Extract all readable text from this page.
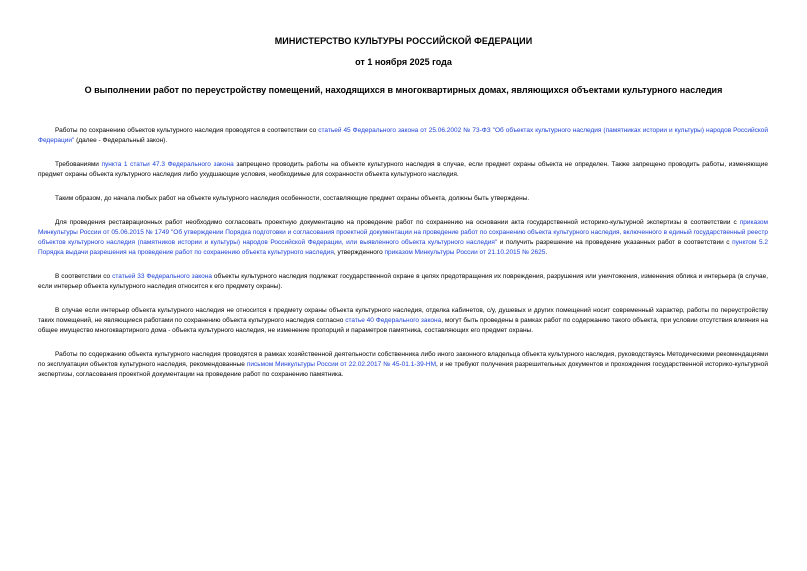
МИНИСТЕРСТВО КУЛЬТУРЫ РОССИЙСКОЙ ФЕДЕРАЦИИ
от 1 ноября 2025 года
О выполнении работ по переустройству помещений, находящихся в многоквартирных домах, являющихся объектами культурного наследия

Работы по сохранению объектов культурного наследия проводятся в соответствии со статьей 45 Федерального закона от 25.06.2002 № 73-ФЗ "Об объектах культурного наследия (памятниках истории и культуры) народов Российской Федерации" (далее - Федеральный закон).

Требованиями пункта 1 статьи 47.3 Федерального закона запрещено проводить работы на объекте культурного наследия в случае, если предмет охраны объекта не определен. Также запрещено проводить работы, изменяющие предмет охраны объекта культурного наследия либо ухудшающие условия, необходимые для сохранности объекта культурного наследия.

Таким образом, до начала любых работ на объекте культурного наследия особенности, составляющие предмет охраны объекта, должны быть утверждены.

Для проведения реставрационных работ необходимо согласовать проектную документацию на проведение работ по сохранению на основании акта государственной историко-культурной экспертизы в соответствии с приказом Минкультуры России от 05.06.2015 № 1749 "Об утверждении Порядка подготовки и согласования проектной документации на проведение работ по сохранению объекта культурного наследия, включенного в единый государственный реестр объектов культурного наследия (памятников истории и культуры) народов Российской Федерации, или выявленного объекта культурного наследия" и получить разрешение на проведение указанных работ в соответствии с пунктом 5.2 Порядка выдачи разрешения на проведение работ по сохранению объекта культурного наследия, утвержденного приказом Минкультуры России от 21.10.2015 № 2625.

В соответствии со статьей 33 Федерального закона объекты культурного наследия подлежат государственной охране в целях предотвращения их повреждения, разрушения или уничтожения, изменения облика и интерьера (в случае, если интерьер объекта культурного наследия относится к его предмету охраны).

В случае если интерьер объекта культурного наследия не относится к предмету охраны объекта культурного наследия, отделка кабинетов, с/у, душевых и других помещений носит современный характер, работы по переустройству таких помещений, не являющиеся работами по сохранению объекта культурного наследия согласно статье 40 Федерального закона, могут быть проведены в рамках работ по содержанию такого объекта, при условии отсутствия влияния на общее имущество многоквартирного дома - объекта культурного наследия, не изменение пропорций и параметров памятника, составляющих его предмет охраны.

Работы по содержанию объекта культурного наследия проводятся в рамках хозяйственной деятельности собственника либо иного законного владельца объекта культурного наследия, руководствуясь Методическими рекомендациями по эксплуатации объектов культурного наследия, рекомендованные письмом Минкультуры России от 22.02.2017 № 45-01.1-39-НМ, и не требуют получения разрешительных документов и прохождения государственной историко-культурной экспертизы, согласования проектной документации на проведение работ по сохранению памятника.
